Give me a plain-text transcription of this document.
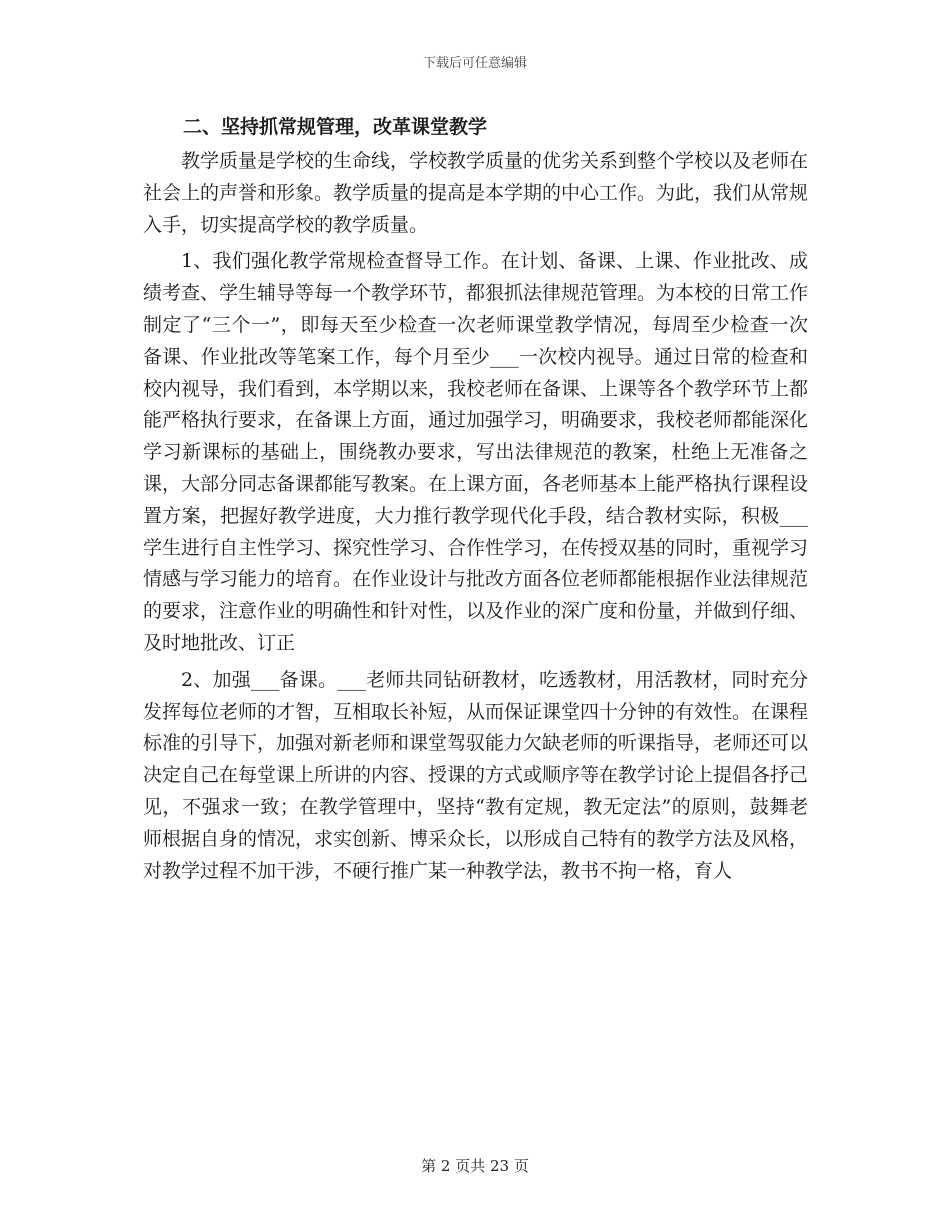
下载后可任意编辑
二、坚持抓常规管理，改革课堂教学

教学质量是学校的生命线，学校教学质量的优劣关系到整个学校以及老师在社会上的声誉和形象。教学质量的提高是本学期的中心工作。为此，我们从常规入手，切实提高学校的教学质量。

1、我们强化教学常规检查督导工作。在计划、备课、上课、作业批改、成绩考查、学生辅导等每一个教学环节，都狠抓法律规范管理。为本校的日常工作制定了“三个一”，即每天至少检查一次老师课堂教学情况，每周至少检查一次备课、作业批改等笔案工作，每个月至少___一次校内视导。通过日常的检查和校内视导，我们看到，本学期以来，我校老师在备课、上课等各个教学环节上都能严格执行要求，在备课上方面，通过加强学习，明确要求，我校老师都能深化学习新课标的基础上，围绕教办要求，写出法律规范的教案，杜绝上无准备之课，大部分同志备课都能写教案。在上课方面，各老师基本上能严格执行课程设置方案，把握好教学进度，大力推行教学现代化手段，结合教材实际，积极___学生进行自主性学习、探究性学习、合作性学习，在传授双基的同时，重视学习情感与学习能力的培育。在作业设计与批改方面各位老师都能根据作业法律规范的要求，注意作业的明确性和针对性，以及作业的深广度和份量，并做到仔细、及时地批改、订正

2、加强___备课。___老师共同钻研教材，吃透教材，用活教材，同时充分发挥每位老师的才智，互相取长补短，从而保证课堂四十分钟的有效性。在课程标准的引导下，加强对新老师和课堂驾驭能力欠缺老师的听课指导，老师还可以决定自己在每堂课上所讲的内容、授课的方式或顺序等在教学讨论上提倡各抒己见，不强求一致；在教学管理中，坚持“教有定规，教无定法”的原则，鼓舞老师根据自身的情况，求实创新、博采众长，以形成自己特有的教学方法及风格，对教学过程不加干涉，不硬行推广某一种教学法，教书不拘一格，育人

第 2 页共 23 页
